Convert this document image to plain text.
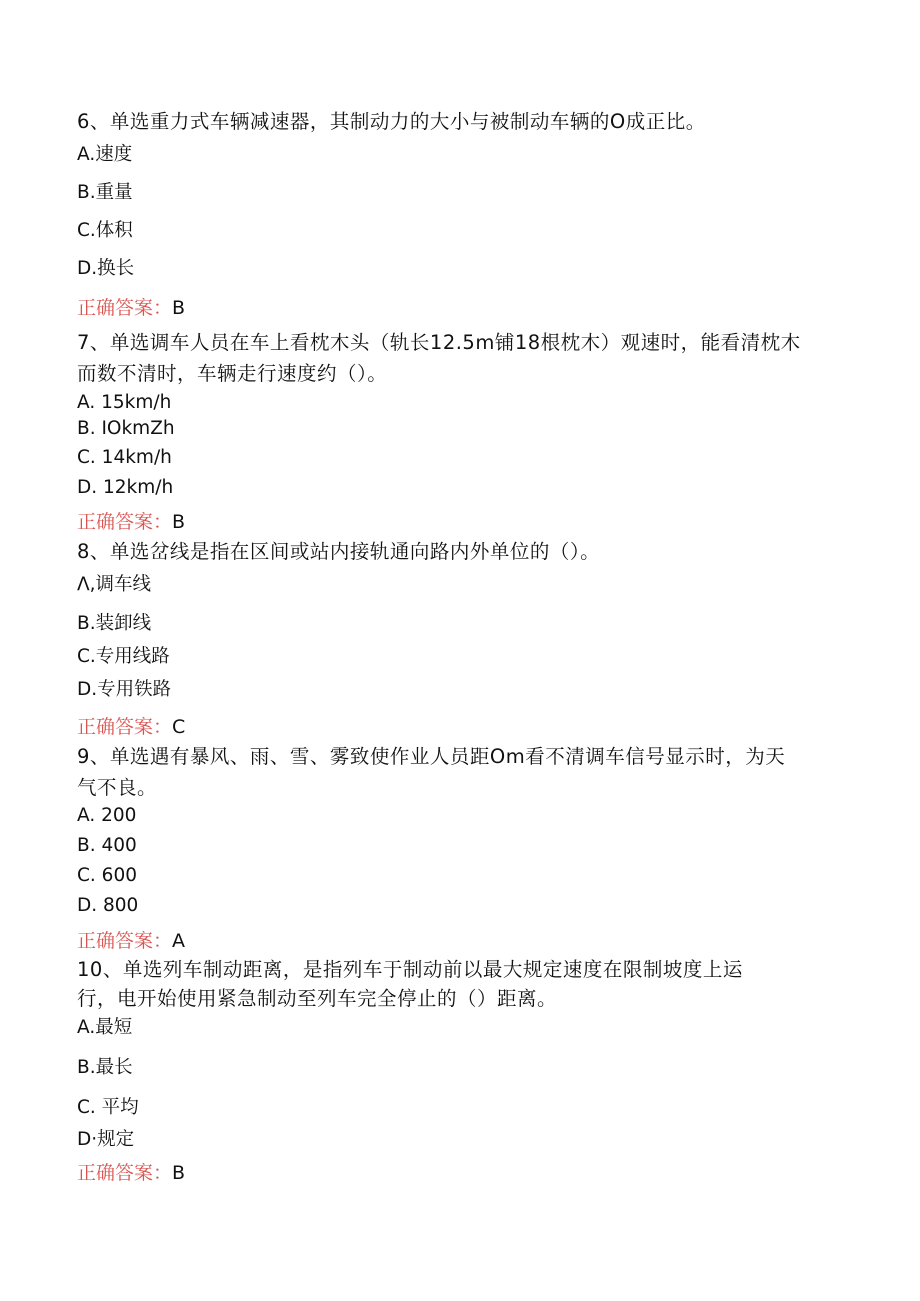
6、单选重力式车辆减速器，其制动力的大小与被制动车辆的O成正比。
A.速度
B.重量
C.体积
D.换长
正确答案：B
7、单选调车人员在车上看枕木头（轨长12.5m铺18根枕木）观速时，能看清枕木
而数不清时，车辆走行速度约（）。
A. 15km∕h
B. IOkmZh
C. 14km∕h
D. 12km∕h
正确答案：B
8、单选岔线是指在区间或站内接轨通向路内外单位的（）。
Λ,调车线
B.装卸线
C.专用线路
D.专用铁路
正确答案：C
9、单选遇有暴风、雨、雪、雾致使作业人员距Om看不清调车信号显示时，为天
气不良。
A. 200
B. 400
C. 600
D. 800
正确答案：A
10、单选列车制动距离，是指列车于制动前以最大规定速度在限制坡度上运
行，电开始使用紧急制动至列车完全停止的（）距离。
A.最短
B.最长
C. 平均
D·规定
正确答案：B
